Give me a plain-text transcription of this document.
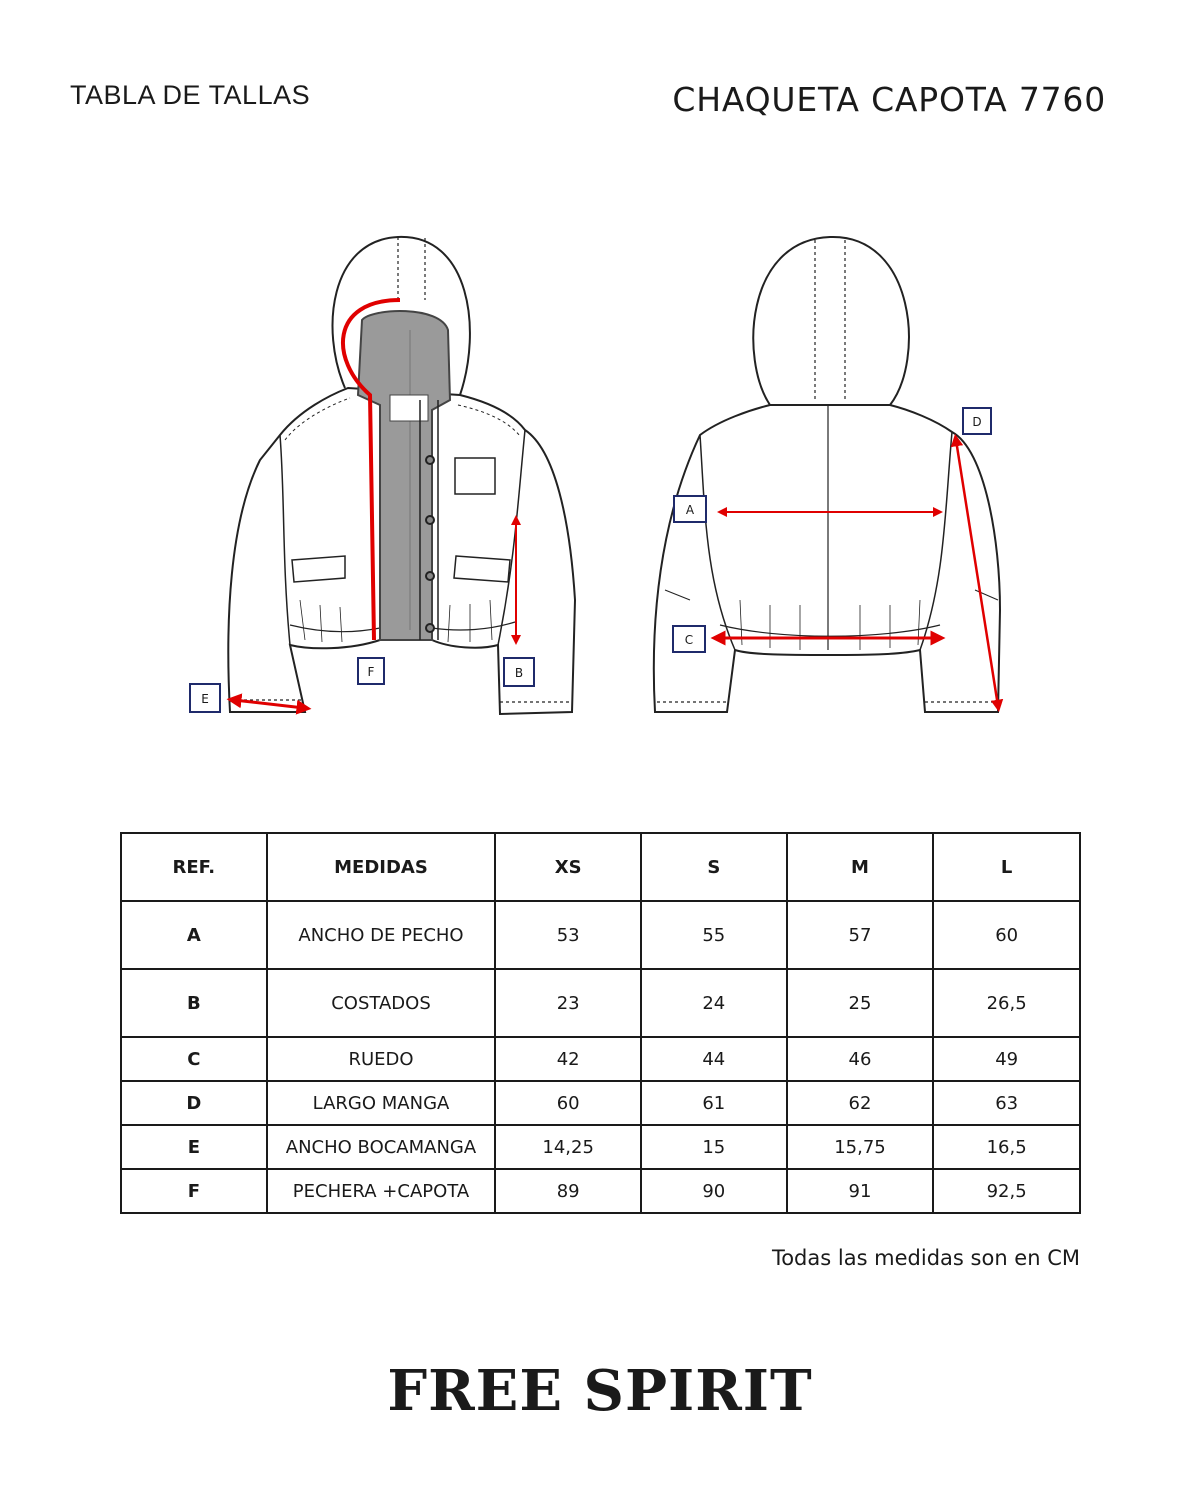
TABLA DE TALLAS	CHAQUETA CAPOTA 7760
F	B
E
A
C
D
REF.	MEDIDAS	XS	S	M	L
A	ANCHO DE PECHO	53	55	57	60
B	COSTADOS	23	24	25	26,5
C	RUEDO	42	44	46	49
D	LARGO MANGA	60	61	62	63
E	ANCHO BOCAMANGA	14,25	15	15,75	16,5
F	PECHERA +CAPOTA	89	90	91	92,5
Todas las medidas son en CM
FREE SPIRIT
